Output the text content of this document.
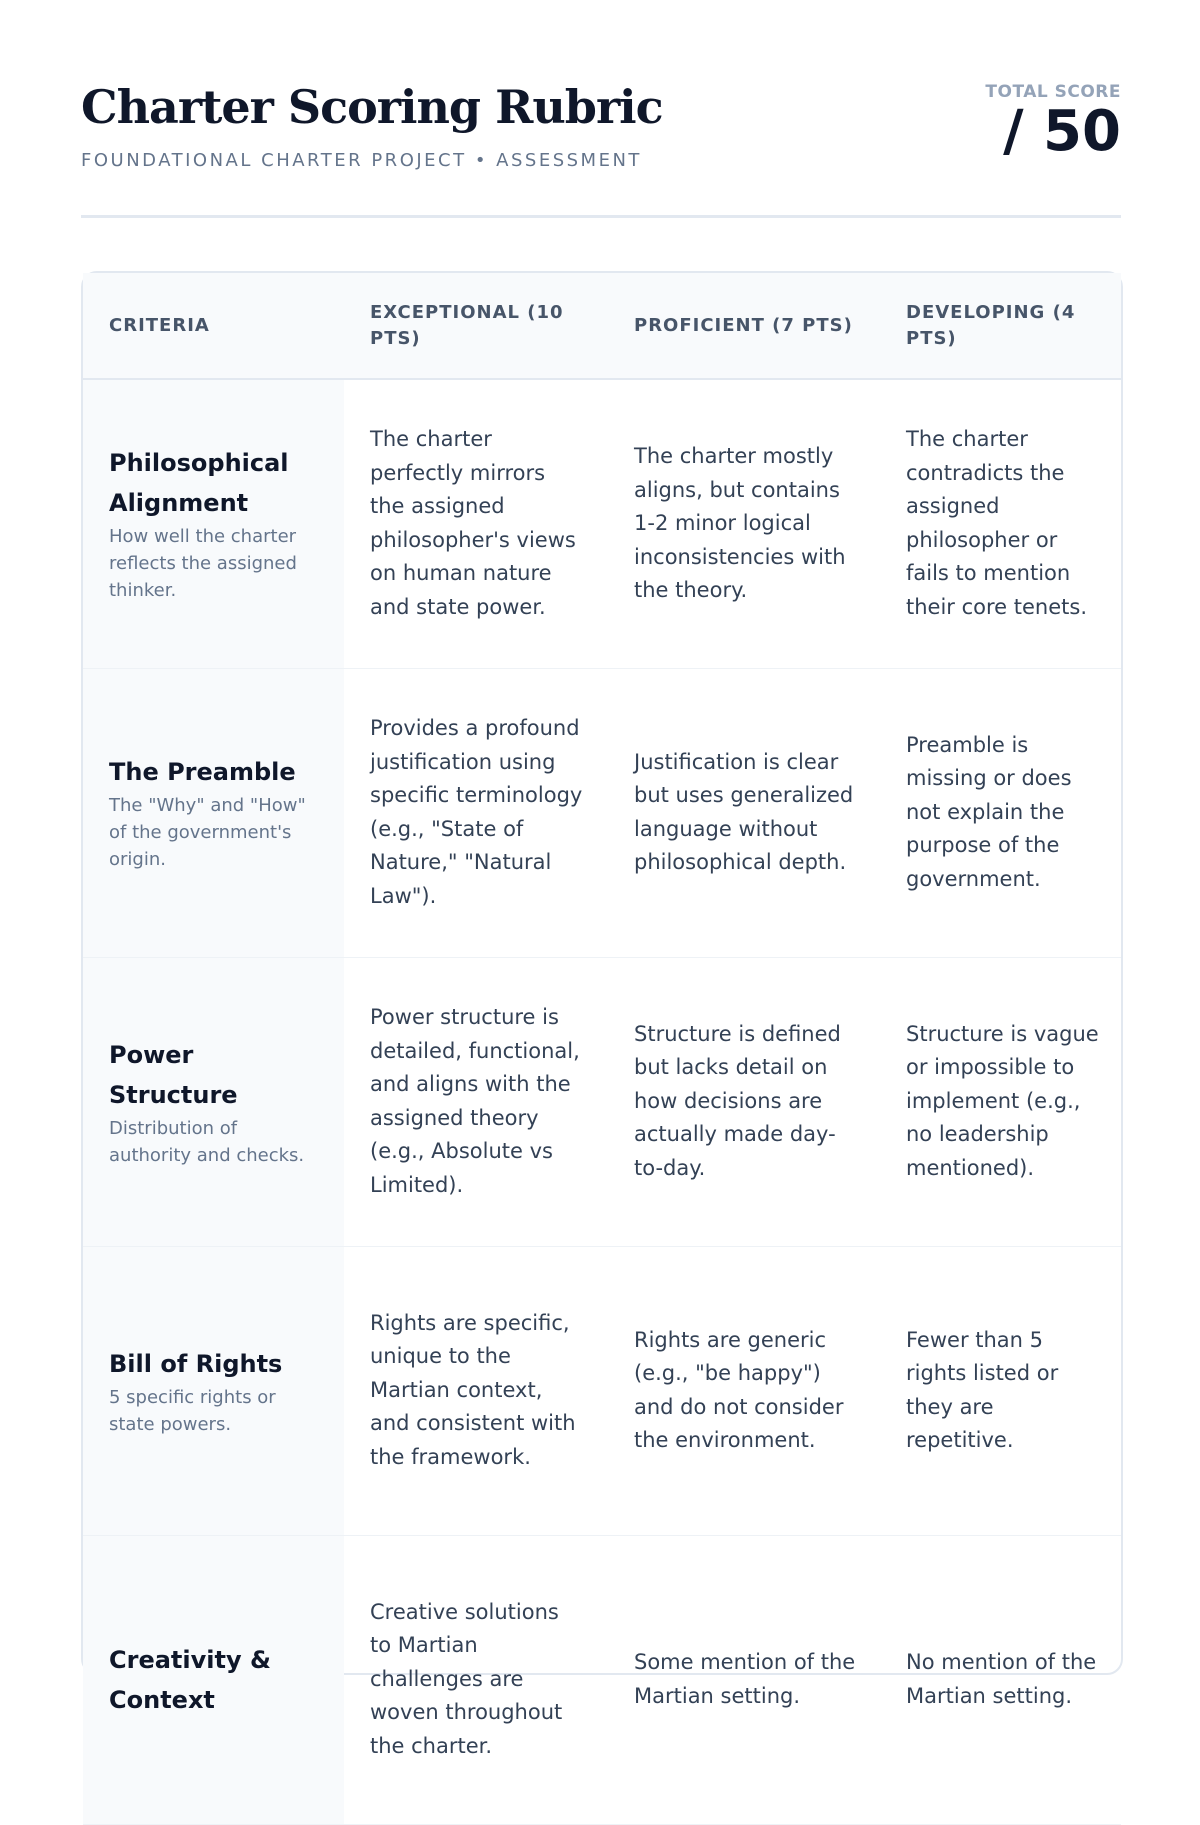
Charter Scoring Rubric
FOUNDATIONAL CHARTER PROJECT • ASSESSMENT
TOTAL SCORE
/ 50
CRITERIA	EXCEPTIONAL (10 PTS)	PROFICIENT (7 PTS)	DEVELOPING (4 PTS)

Philosophical Alignment
How well the charter reflects the assigned thinker.	The charter perfectly mirrors the assigned philosopher's views on human nature and state power.	The charter mostly aligns, but contains 1-2 minor logical inconsistencies with the theory.	The charter contradicts the assigned philosopher or fails to mention their core tenets.

The Preamble
The "Why" and "How" of the government's origin.	Provides a profound justification using specific terminology (e.g., "State of Nature," "Natural Law").	Justification is clear but uses generalized language without philosophical depth.	Preamble is missing or does not explain the purpose of the government.

Power Structure
Distribution of authority and checks.	Power structure is detailed, functional, and aligns with the assigned theory (e.g., Absolute vs Limited).	Structure is defined but lacks detail on how decisions are actually made day-to-day.	Structure is vague or impossible to implement (e.g., no leadership mentioned).

Bill of Rights
5 specific rights or state powers.	Rights are specific, unique to the Martian context, and consistent with the framework.	Rights are generic (e.g., "be happy") and do not consider the environment.	Fewer than 5 rights listed or they are repetitive.

Creativity & Context	Creative solutions to Martian challenges are woven throughout the charter.	Some mention of the Martian setting.	No mention of the Martian setting.
